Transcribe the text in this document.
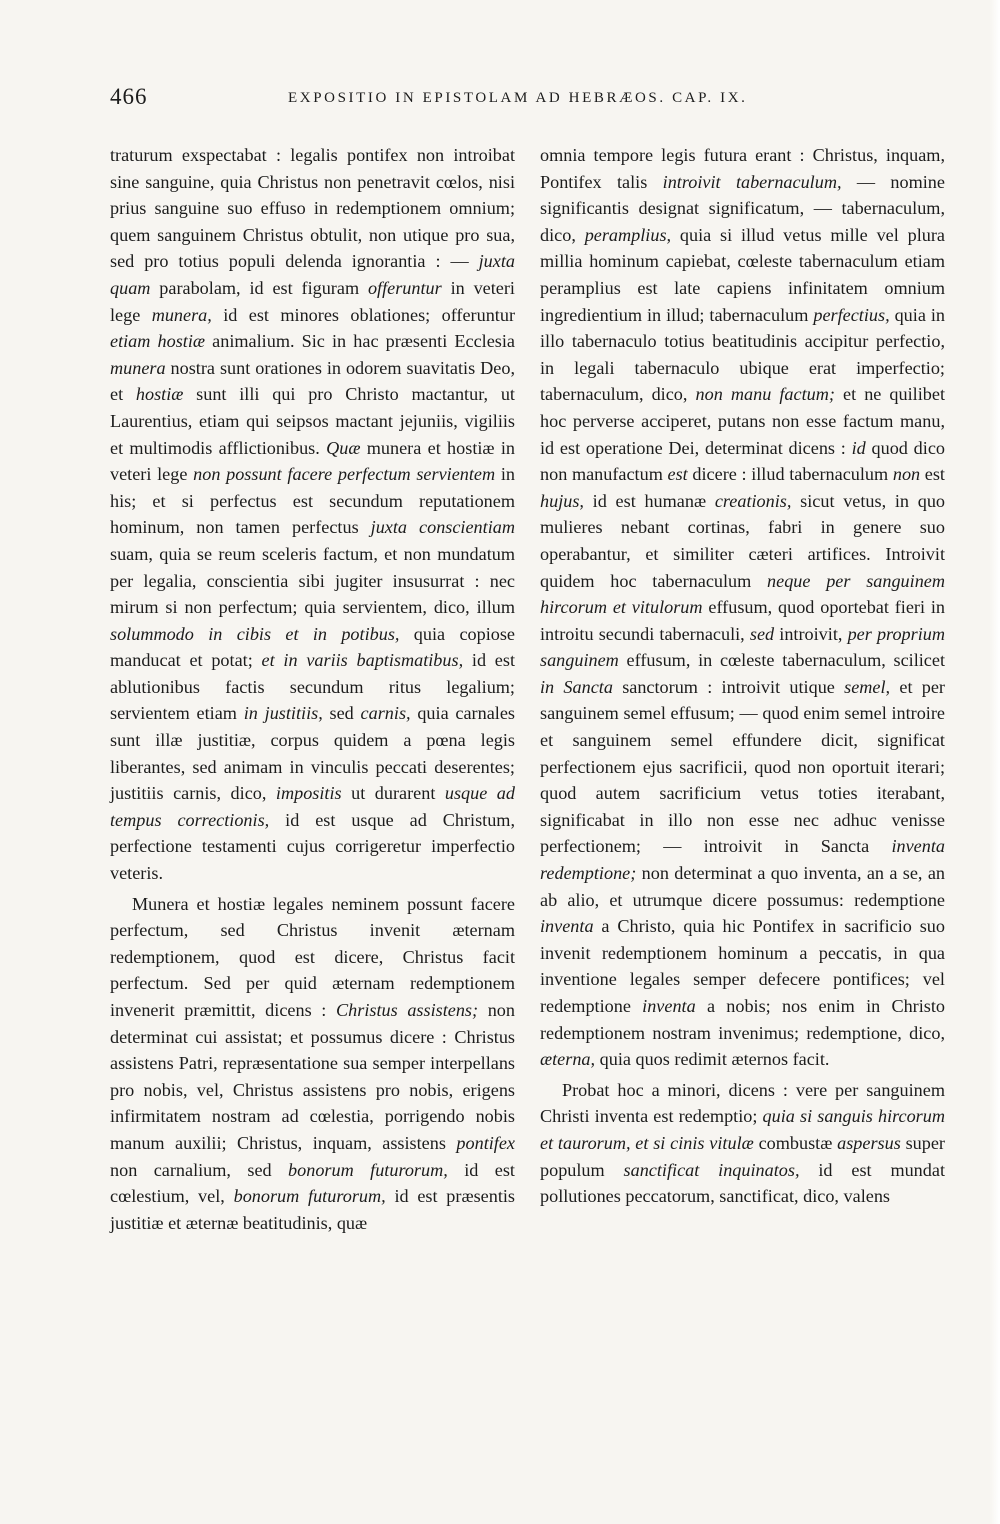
466	EXPOSITIO IN EPISTOLAM AD HEBRÆOS. CAP. IX.

traturum exspectabat : legalis pontifex non introibat sine sanguine, quia Christus non penetravit cœlos, nisi prius sanguine suo effuso in redemptionem omnium; quem sanguinem Christus obtulit, non utique pro sua, sed pro totius populi delenda ignorantia : — juxta quam parabolam, id est figuram offeruntur in veteri lege munera, id est minores oblationes; offeruntur etiam hostiæ animalium. Sic in hac præsenti Ecclesia munera nostra sunt orationes in odorem suavitatis Deo, et hostiæ sunt illi qui pro Christo mactantur, ut Laurentius, etiam qui seipsos mactant jejuniis, vigiliis et multimodis afflictionibus. Quæ munera et hostiæ in veteri lege non possunt facere perfectum servientem in his; et si perfectus est secundum reputationem hominum, non tamen perfectus juxta conscientiam suam, quia se reum sceleris factum, et non mundatum per legalia, conscientia sibi jugiter insusurrat : nec mirum si non perfectum; quia servientem, dico, illum solummodo in cibis et in potibus, quia copiose manducat et potat; et in variis baptismatibus, id est ablutionibus factis secundum ritus legalium; servientem etiam in justitiis, sed carnis, quia carnales sunt illæ justitiæ, corpus quidem a pœna legis liberantes, sed animam in vinculis peccati deserentes; justitiis carnis, dico, impositis ut durarent usque ad tempus correctionis, id est usque ad Christum, perfectione testamenti cujus corrigeretur imperfectio veteris.

Munera et hostiæ legales neminem possunt facere perfectum, sed Christus invenit æternam redemptionem, quod est dicere, Christus facit perfectum. Sed per quid æternam redemptionem invenerit præmittit, dicens : Christus assistens; non determinat cui assistat; et possumus dicere : Christus assistens Patri, repræsentatione sua semper interpellans pro nobis, vel, Christus assistens pro nobis, erigens infirmitatem nostram ad cœlestia, porrigendo nobis manum auxilii; Christus, inquam, assistens pontifex non carnalium, sed bonorum futurorum, id est cœlestium, vel, bonorum futurorum, id est præsentis justitiæ et æternæ beatitudinis, quæ

omnia tempore legis futura erant : Christus, inquam, Pontifex talis introivit tabernaculum, — nomine significantis designat significatum, — tabernaculum, dico, peramplius, quia si illud vetus mille vel plura millia hominum capiebat, cœleste tabernaculum etiam peramplius est late capiens infinitatem omnium ingredientium in illud; tabernaculum perfectius, quia in illo tabernaculo totius beatitudinis accipitur perfectio, in legali tabernaculo ubique erat imperfectio; tabernaculum, dico, non manu factum; et ne quilibet hoc perverse acciperet, putans non esse factum manu, id est operatione Dei, determinat dicens : id quod dico non manufactum est dicere : illud tabernaculum non est hujus, id est humanæ creationis, sicut vetus, in quo mulieres nebant cortinas, fabri in genere suo operabantur, et similiter cæteri artifices. Introivit quidem hoc tabernaculum neque per sanguinem hircorum et vitulorum effusum, quod oportebat fieri in introitu secundi tabernaculi, sed introivit, per proprium sanguinem effusum, in cœleste tabernaculum, scilicet in Sancta sanctorum : introivit utique semel, et per sanguinem semel effusum; — quod enim semel introire et sanguinem semel effundere dicit, significat perfectionem ejus sacrificii, quod non oportuit iterari; quod autem sacrificium vetus toties iterabant, significabat in illo non esse nec adhuc venisse perfectionem; — introivit in Sancta inventa redemptione; non determinat a quo inventa, an a se, an ab alio, et utrumque dicere possumus: redemptione inventa a Christo, quia hic Pontifex in sacrificio suo invenit redemptionem hominum a peccatis, in qua inventione legales semper defecere pontifices; vel redemptione inventa a nobis; nos enim in Christo redemptionem nostram invenimus; redemptione, dico, æterna, quia quos redimit æternos facit.

Probat hoc a minori, dicens : vere per sanguinem Christi inventa est redemptio; quia si sanguis hircorum et taurorum, et si cinis vitulæ combustæ aspersus super populum sanctificat inquinatos, id est mundat pollutiones peccatorum, sanctificat, dico, valens
